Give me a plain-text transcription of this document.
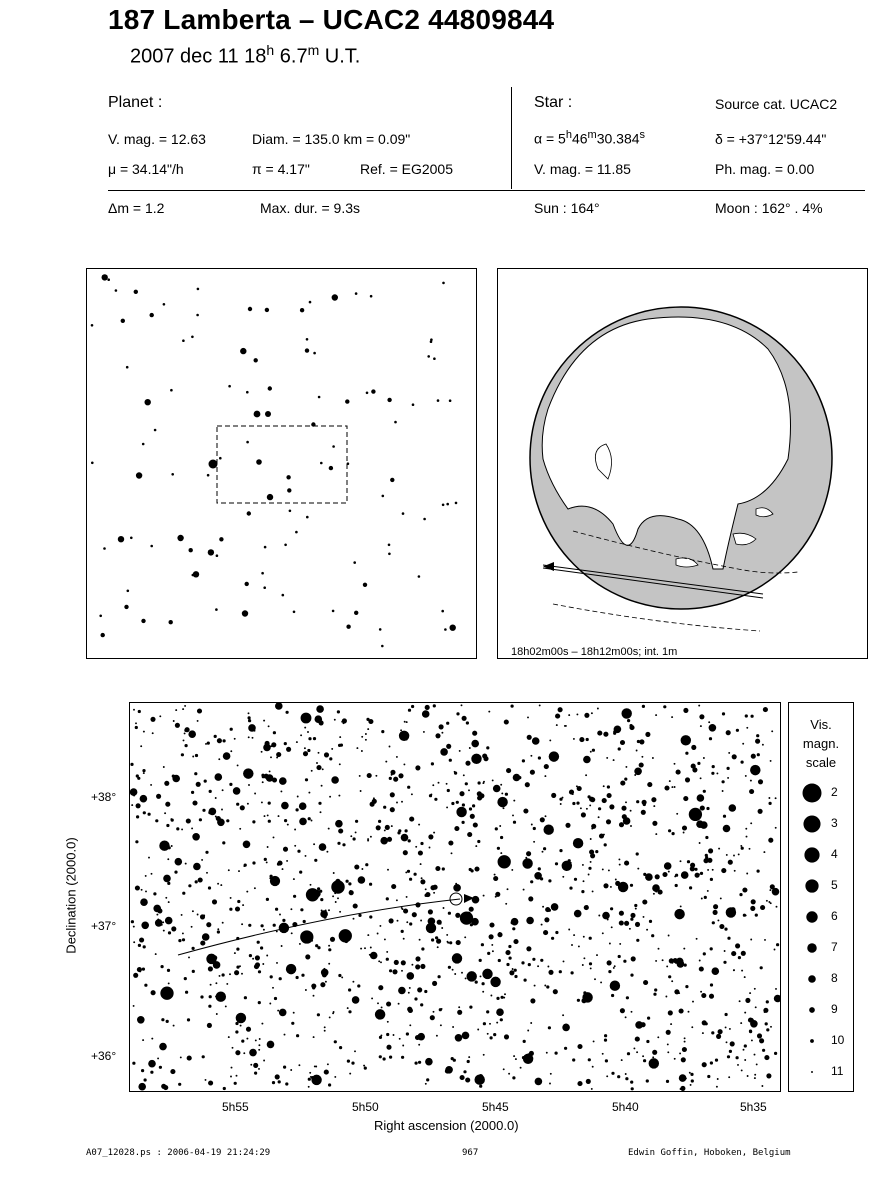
187 Lamberta – UCAC2 44809844
2007 dec 11 18$^h$ 6.7$^m$ U.T.
Planet :
V. mag. = 12.63	Diam. = 135.0 km = 0.09"
μ = 34.14"/h	π = 4.17"	Ref. = EG2005
Star :	Source cat. UCAC2
$\alpha = 5^h46^m30.384^s$	δ = +37°12'59.44"
V. mag. = 11.85	Ph. mag. = 0.00
Δm = 1.2	Max. dur. = 9.3s	Sun : 164°	Moon : 162° . 4%
18h02m00s – 18h12m00s; int. 1m
+38°
+37°
+36°
5h55	5h50	5h45	5h40	5h35
Right ascension (2000.0)
Declination (2000.0)
Vis.
magn.
scale
2
3
4
5
6
7
8
9
10
11
A07_12028.ps : 2006-04-19 21:24:29	967	Edwin Goffin, Hoboken, Belgium
